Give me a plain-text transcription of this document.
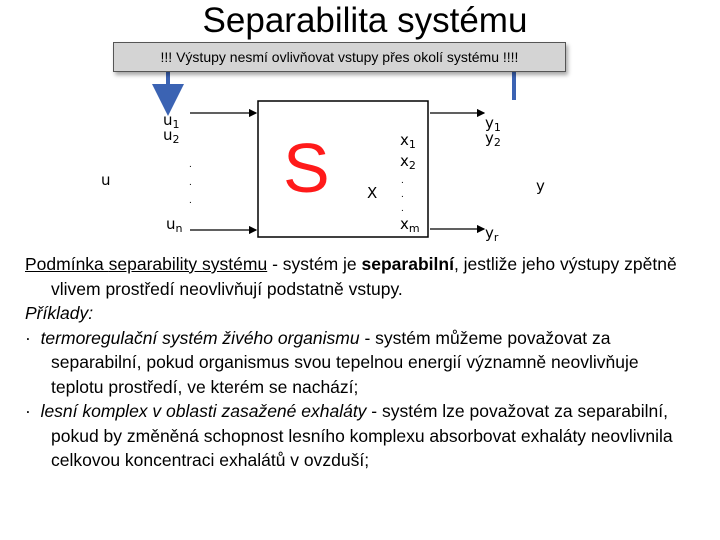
Separabilita systému
!!! Výstupy nesmí ovlivňovat vstupy přes okolí systému !!!!
S
u
$u_1$
$u_2$
.
.
.
$u_n$
X
$x_1$
$x_2$
.
.
.
$x_m$
$y_1$
$y_2$
y
$y_r$

Podmínka separability systému - systém je separabilní, jestliže jeho výstupy zpětně vlivem prostředí neovlivňují podstatně vstupy.

Příklady:

· termoregulační systém živého organismu - systém můžeme považovat za separabilní, pokud organismus svou tepelnou energií významně neovlivňuje teplotu prostředí, ve kterém se nachází;

· lesní komplex v oblasti zasažené exhaláty - systém lze považovat za separabilní, pokud by změněná schopnost lesního komplexu absorbovat exhaláty neovlivnila celkovou koncentraci exhalátů v ovzduší;
